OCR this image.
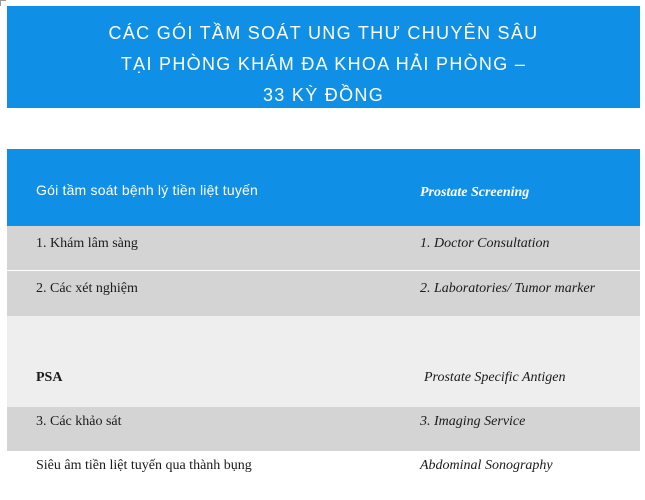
CÁC GÓI TẦM SOÁT UNG THƯ CHUYÊN SÂU
TẠI PHÒNG KHÁM ĐA KHOA HẢI PHÒNG –
33 KỲ ĐỒNG
Gói tầm soát bệnh lý tiền liệt tuyến	Prostate Screening
1. Khám lâm sàng	1. Doctor Consultation
2. Các xét nghiệm	2. Laboratories/ Tumor marker
PSA	Prostate Specific Antigen
3. Các khảo sát	3. Imaging Service
Siêu âm tiền liệt tuyến qua thành bụng	Abdominal Sonography
